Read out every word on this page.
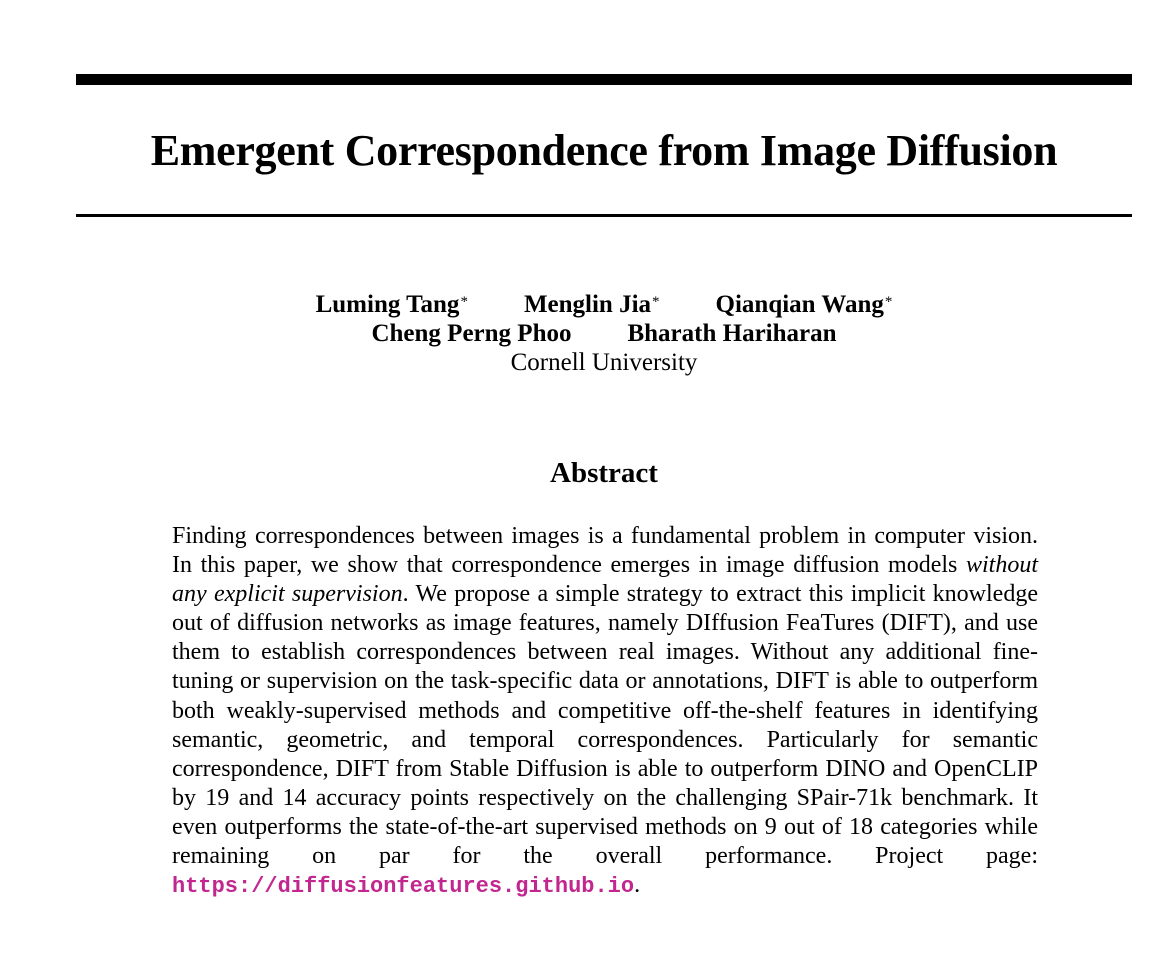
Emergent Correspondence from Image Diffusion
Luming Tang* Menglin Jia* Qianqian Wang*
Cheng Perng Phoo Bharath Hariharan
Cornell University
Abstract

Finding correspondences between images is a fundamental problem in computer vision. In this paper, we show that correspondence emerges in image diffusion models without any explicit supervision. We propose a simple strategy to extract this implicit knowledge out of diffusion networks as image features, namely DIffusion FeaTures (DIFT), and use them to establish correspondences between real images. Without any additional fine-tuning or supervision on the task-specific data or annotations, DIFT is able to outperform both weakly-supervised methods and competitive off-the-shelf features in identifying semantic, geometric, and temporal correspondences. Particularly for semantic correspondence, DIFT from Stable Diffusion is able to outperform DINO and OpenCLIP by 19 and 14 accuracy points respectively on the challenging SPair-71k benchmark. It even outperforms the state-of-the-art supervised methods on 9 out of 18 categories while remaining on par for the overall performance. Project page: https://diffusionfeatures.github.io.
